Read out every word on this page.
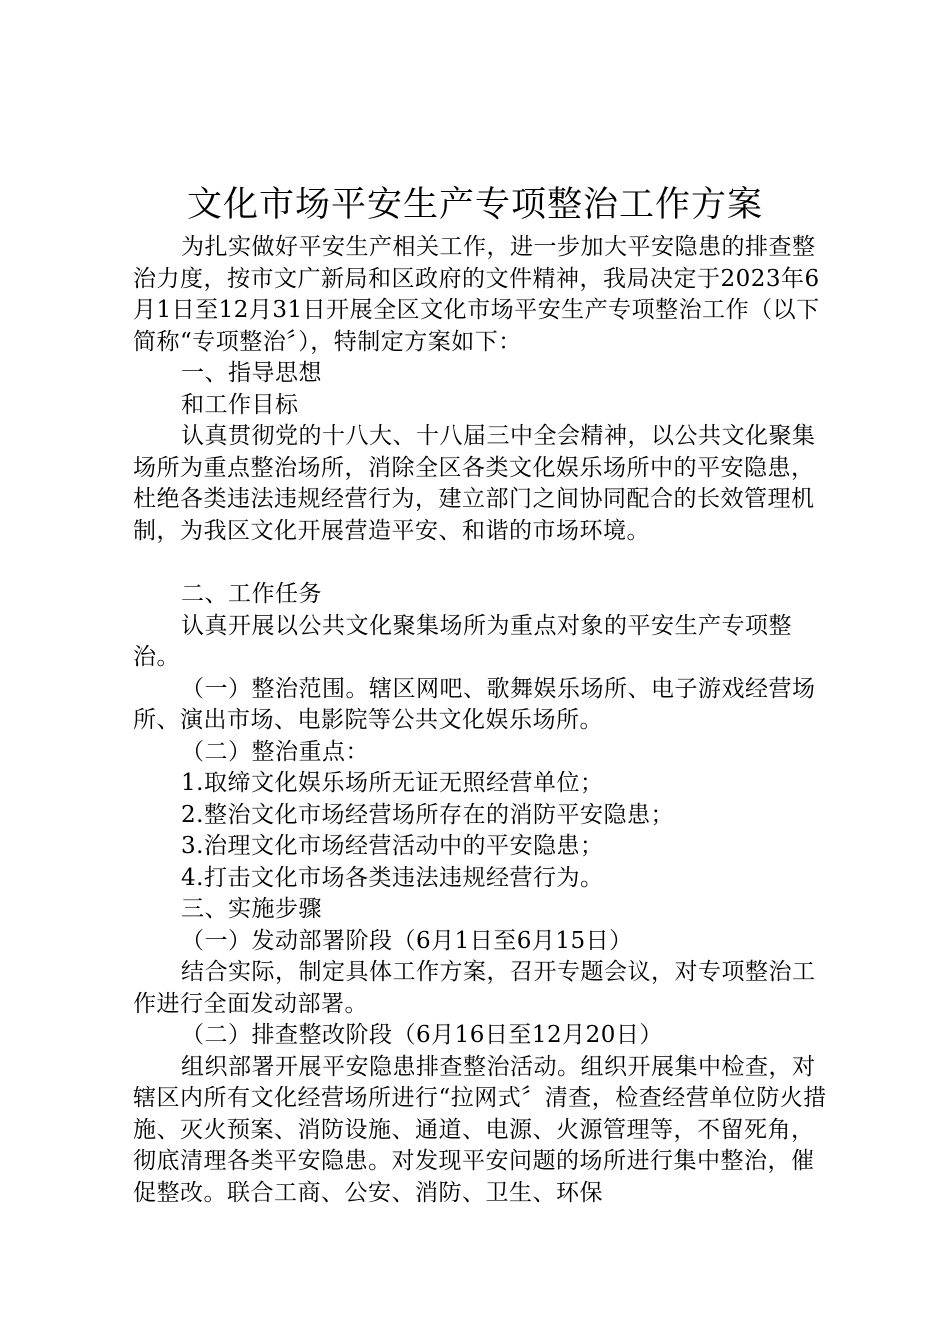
文化市场平安生产专项整治工作方案

为扎实做好平安生产相关工作，进一步加大平安隐患的排查整治力度，按市文广新局和区政府的文件精神，我局决定于2023年6月1日至12月31日开展全区文化市场平安生产专项整治工作（以下简称“专项整治〞），特制定方案如下：

一、指导思想

和工作目标

认真贯彻党的十八大、十八届三中全会精神，以公共文化聚集场所为重点整治场所，消除全区各类文化娱乐场所中的平安隐患，杜绝各类违法违规经营行为，建立部门之间协同配合的长效管理机制，为我区文化开展营造平安、和谐的市场环境。

二、工作任务

认真开展以公共文化聚集场所为重点对象的平安生产专项整治。

（一）整治范围。辖区网吧、歌舞娱乐场所、电子游戏经营场所、演出市场、电影院等公共文化娱乐场所。

（二）整治重点：

1.取缔文化娱乐场所无证无照经营单位；

2.整治文化市场经营场所存在的消防平安隐患；

3.治理文化市场经营活动中的平安隐患；

4.打击文化市场各类违法违规经营行为。

三、实施步骤

（一）发动部署阶段（6月1日至6月15日）

结合实际，制定具体工作方案，召开专题会议，对专项整治工作进行全面发动部署。

（二）排查整改阶段（6月16日至12月20日）

组织部署开展平安隐患排查整治活动。组织开展集中检查，对辖区内所有文化经营场所进行“拉网式〞清查，检查经营单位防火措施、灭火预案、消防设施、通道、电源、火源管理等，不留死角，彻底清理各类平安隐患。对发现平安问题的场所进行集中整治，催促整改。联合工商、公安、消防、卫生、环保
